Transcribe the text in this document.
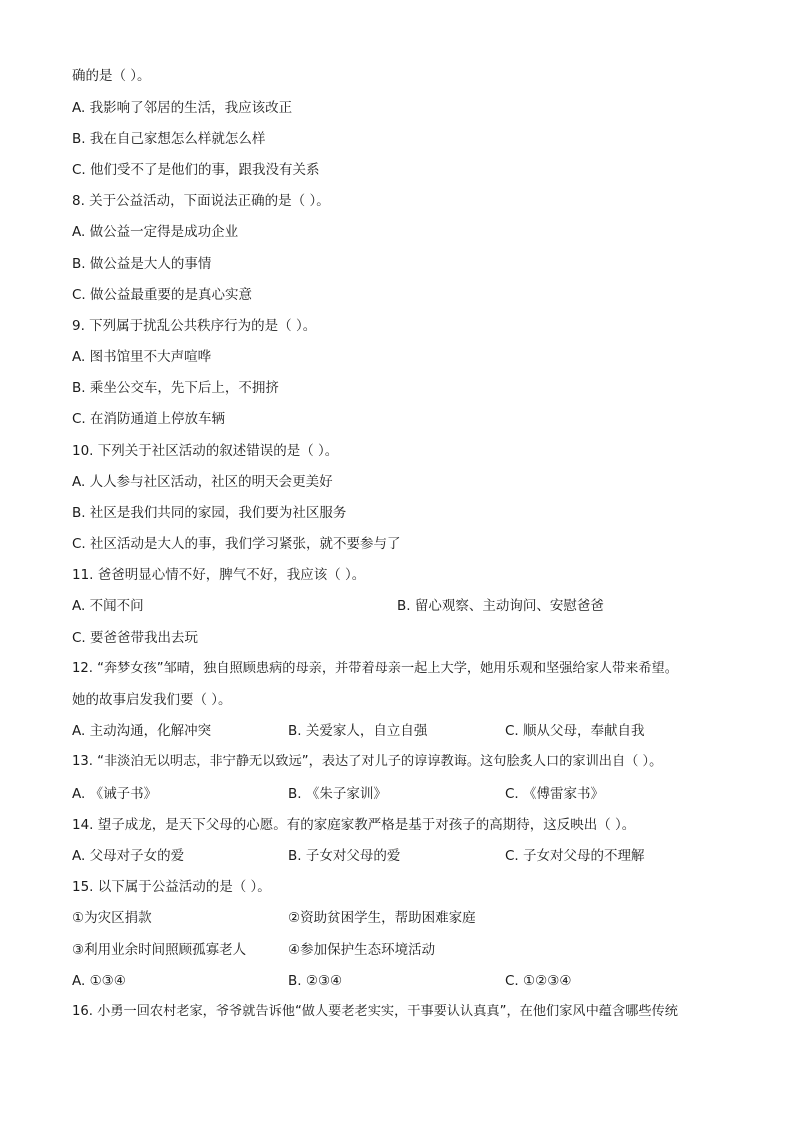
确的是（ ）。
A. 我影响了邻居的生活，我应该改正
B. 我在自己家想怎么样就怎么样
C. 他们受不了是他们的事，跟我没有关系
8. 关于公益活动，下面说法正确的是（ ）。
A. 做公益一定得是成功企业
B. 做公益是大人的事情
C. 做公益最重要的是真心实意
9. 下列属于扰乱公共秩序行为的是（ ）。
A. 图书馆里不大声喧哗
B. 乘坐公交车，先下后上，不拥挤
C. 在消防通道上停放车辆
10. 下列关于社区活动的叙述错误的是（ ）。
A. 人人参与社区活动，社区的明天会更美好
B. 社区是我们共同的家园，我们要为社区服务
C. 社区活动是大人的事，我们学习紧张，就不要参与了
11. 爸爸明显心情不好，脾气不好，我应该（ ）。
A. 不闻不问	B. 留心观察、主动询问、安慰爸爸
C. 要爸爸带我出去玩
12. “奔梦女孩”邹晴，独自照顾患病的母亲，并带着母亲一起上大学，她用乐观和坚强给家人带来希望。
她的故事启发我们要（ ）。
A. 主动沟通，化解冲突	B. 关爱家人，自立自强	C. 顺从父母，奉献自我
13. “非淡泊无以明志，非宁静无以致远”，表达了对儿子的谆谆教诲。这句脍炙人口的家训出自（ ）。
A. 《诫子书》	B. 《朱子家训》	C. 《傅雷家书》
14. 望子成龙，是天下父母的心愿。有的家庭家教严格是基于对孩子的高期待，这反映出（ ）。
A. 父母对子女的爱	B. 子女对父母的爱	C. 子女对父母的不理解
15. 以下属于公益活动的是（ ）。
①为灾区捐款	②资助贫困学生，帮助困难家庭
③利用业余时间照顾孤寡老人	④参加保护生态环境活动
A. ①③④	B. ②③④	C. ①②③④
16. 小勇一回农村老家，爷爷就告诉他“做人要老老实实，干事要认认真真”，在他们家风中蕴含哪些传统
